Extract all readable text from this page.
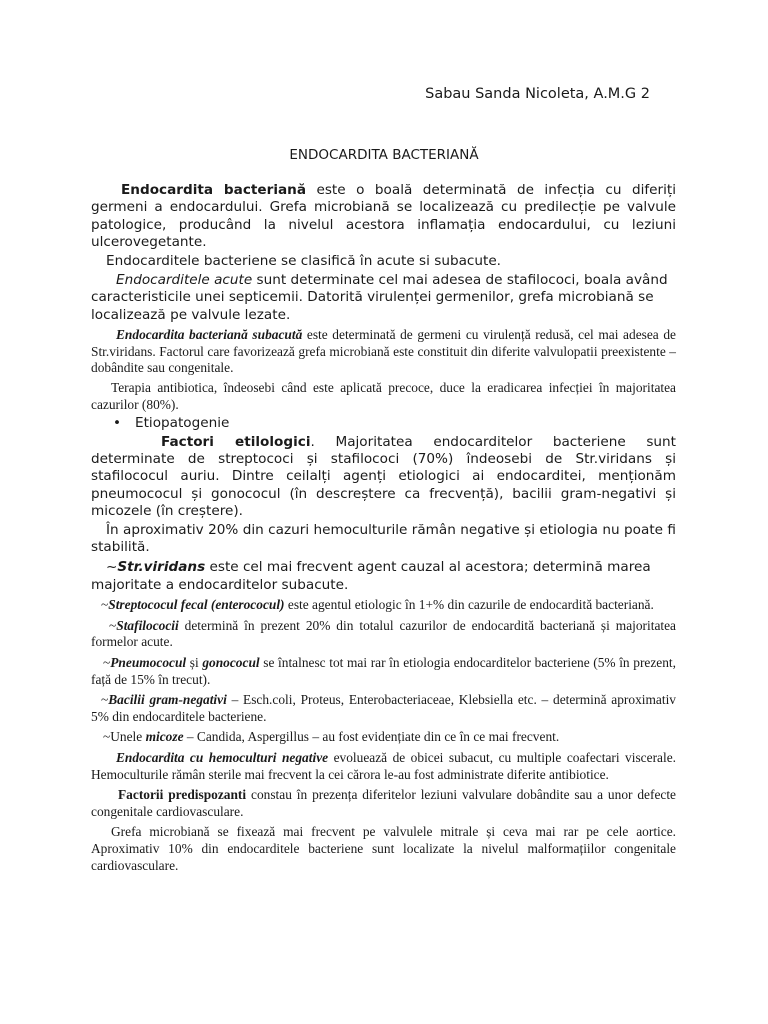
Sabau Sanda Nicoleta, A.M.G 2
ENDOCARDITA BACTERIANĂ

Endocardita bacteriană este o boală determinată de infecția cu diferiți germeni a endocardului. Grefa microbiană se localizează cu predilecție pe valvule patologice, producând la nivelul acestora inflamația endocardului, cu leziuni ulcerovegetante.

Endocarditele bacteriene se clasifică în acute si subacute.

Endocarditele acute sunt determinate cel mai adesea de stafilococi, boala având caracteristicile unei septicemii. Datorită virulenței germenilor, grefa microbiană se localizează pe valvule lezate.

Endocardita bacteriană subacută este determinată de germeni cu virulență redusă, cel mai adesea de Str.viridans. Factorul care favorizează grefa microbiană este constituit din diferite valvulopatii preexistente – dobândite sau congenitale.

Terapia antibiotica, îndeosebi când este aplicată precoce, duce la eradicarea infecției în majoritatea cazurilor (80%).

• Etiopatogenie

Factori etilologici. Majoritatea endocarditelor bacteriene sunt determinate de streptococi și stafilococi (70%) îndeosebi de Str.viridans și stafilococul auriu. Dintre ceilalți agenți etiologici ai endocarditei, menționăm pneumococul și gonococul (în descreștere ca frecvență), bacilii gram-negativi și micozele (în creștere).

În aproximativ 20% din cazuri hemoculturile rămân negative și etiologia nu poate fi stabilită.

~Str.viridans este cel mai frecvent agent cauzal al acestora; determină marea majoritate a endocarditelor subacute.

~Streptococul fecal (enterococul) este agentul etiologic în 1+% din cazurile de endocardită bacteriană.

~Stafilococii determină în prezent 20% din totalul cazurilor de endocardită bacteriană și majoritatea formelor acute.

~Pneumococul și gonococul se întalnesc tot mai rar în etiologia endocarditelor bacteriene (5% în prezent, față de 15% în trecut).

~Bacilii gram-negativi – Esch.coli, Proteus, Enterobacteriaceae, Klebsiella etc. – determină aproximativ 5% din endocarditele bacteriene.

~Unele micoze – Candida, Aspergillus – au fost evidențiate din ce în ce mai frecvent.

Endocardita cu hemoculturi negative evoluează de obicei subacut, cu multiple coafectari viscerale. Hemoculturile rămân sterile mai frecvent la cei cărora le-au fost administrate diferite antibiotice.

Factorii predispozanti constau în prezența diferitelor leziuni valvulare dobândite sau a unor defecte congenitale cardiovasculare.

Grefa microbiană se fixează mai frecvent pe valvulele mitrale și ceva mai rar pe cele aortice. Aproximativ 10% din endocarditele bacteriene sunt localizate la nivelul malformațiilor congenitale cardiovasculare.
